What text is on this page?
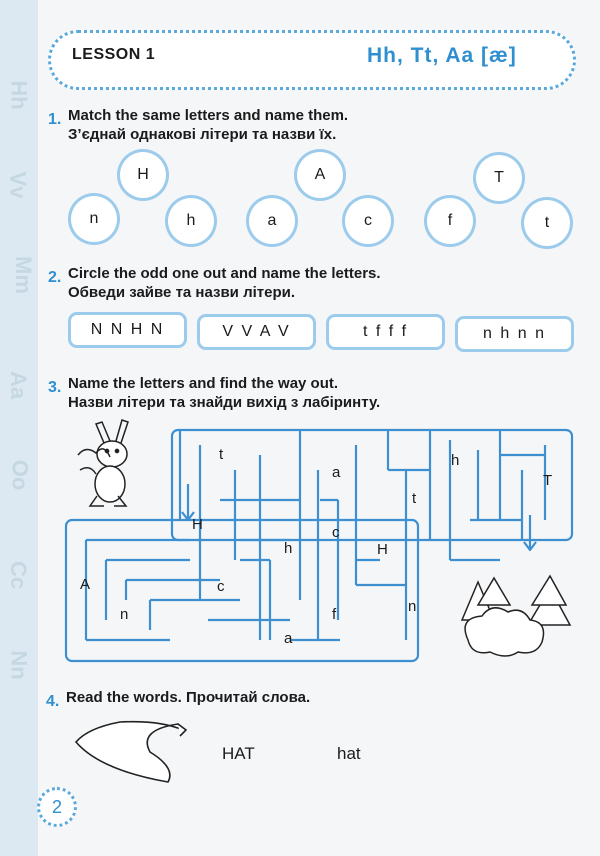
Hh
Vv
Mm
Aa
Oo
Cc
Nn
LESSON 1	Hh, Tt, Aa [æ]
1. Match the same letters and name them.
З’єднай однакові літери та назви їх.
H	A	T
n	h	a	c	f	t
2. Circle the odd one out and name the letters.
Обведи зайве та назви літери.
N N H N	V V A V	t f f f	n h n n
3. Name the letters and find the way out.
Назви літери та знайди вихід з лабіринту.
t
a
h
T
t
H	c
h	H
A	c
n
f
n
a
4. Read the words. Прочитай слова.
HAT	hat
2
